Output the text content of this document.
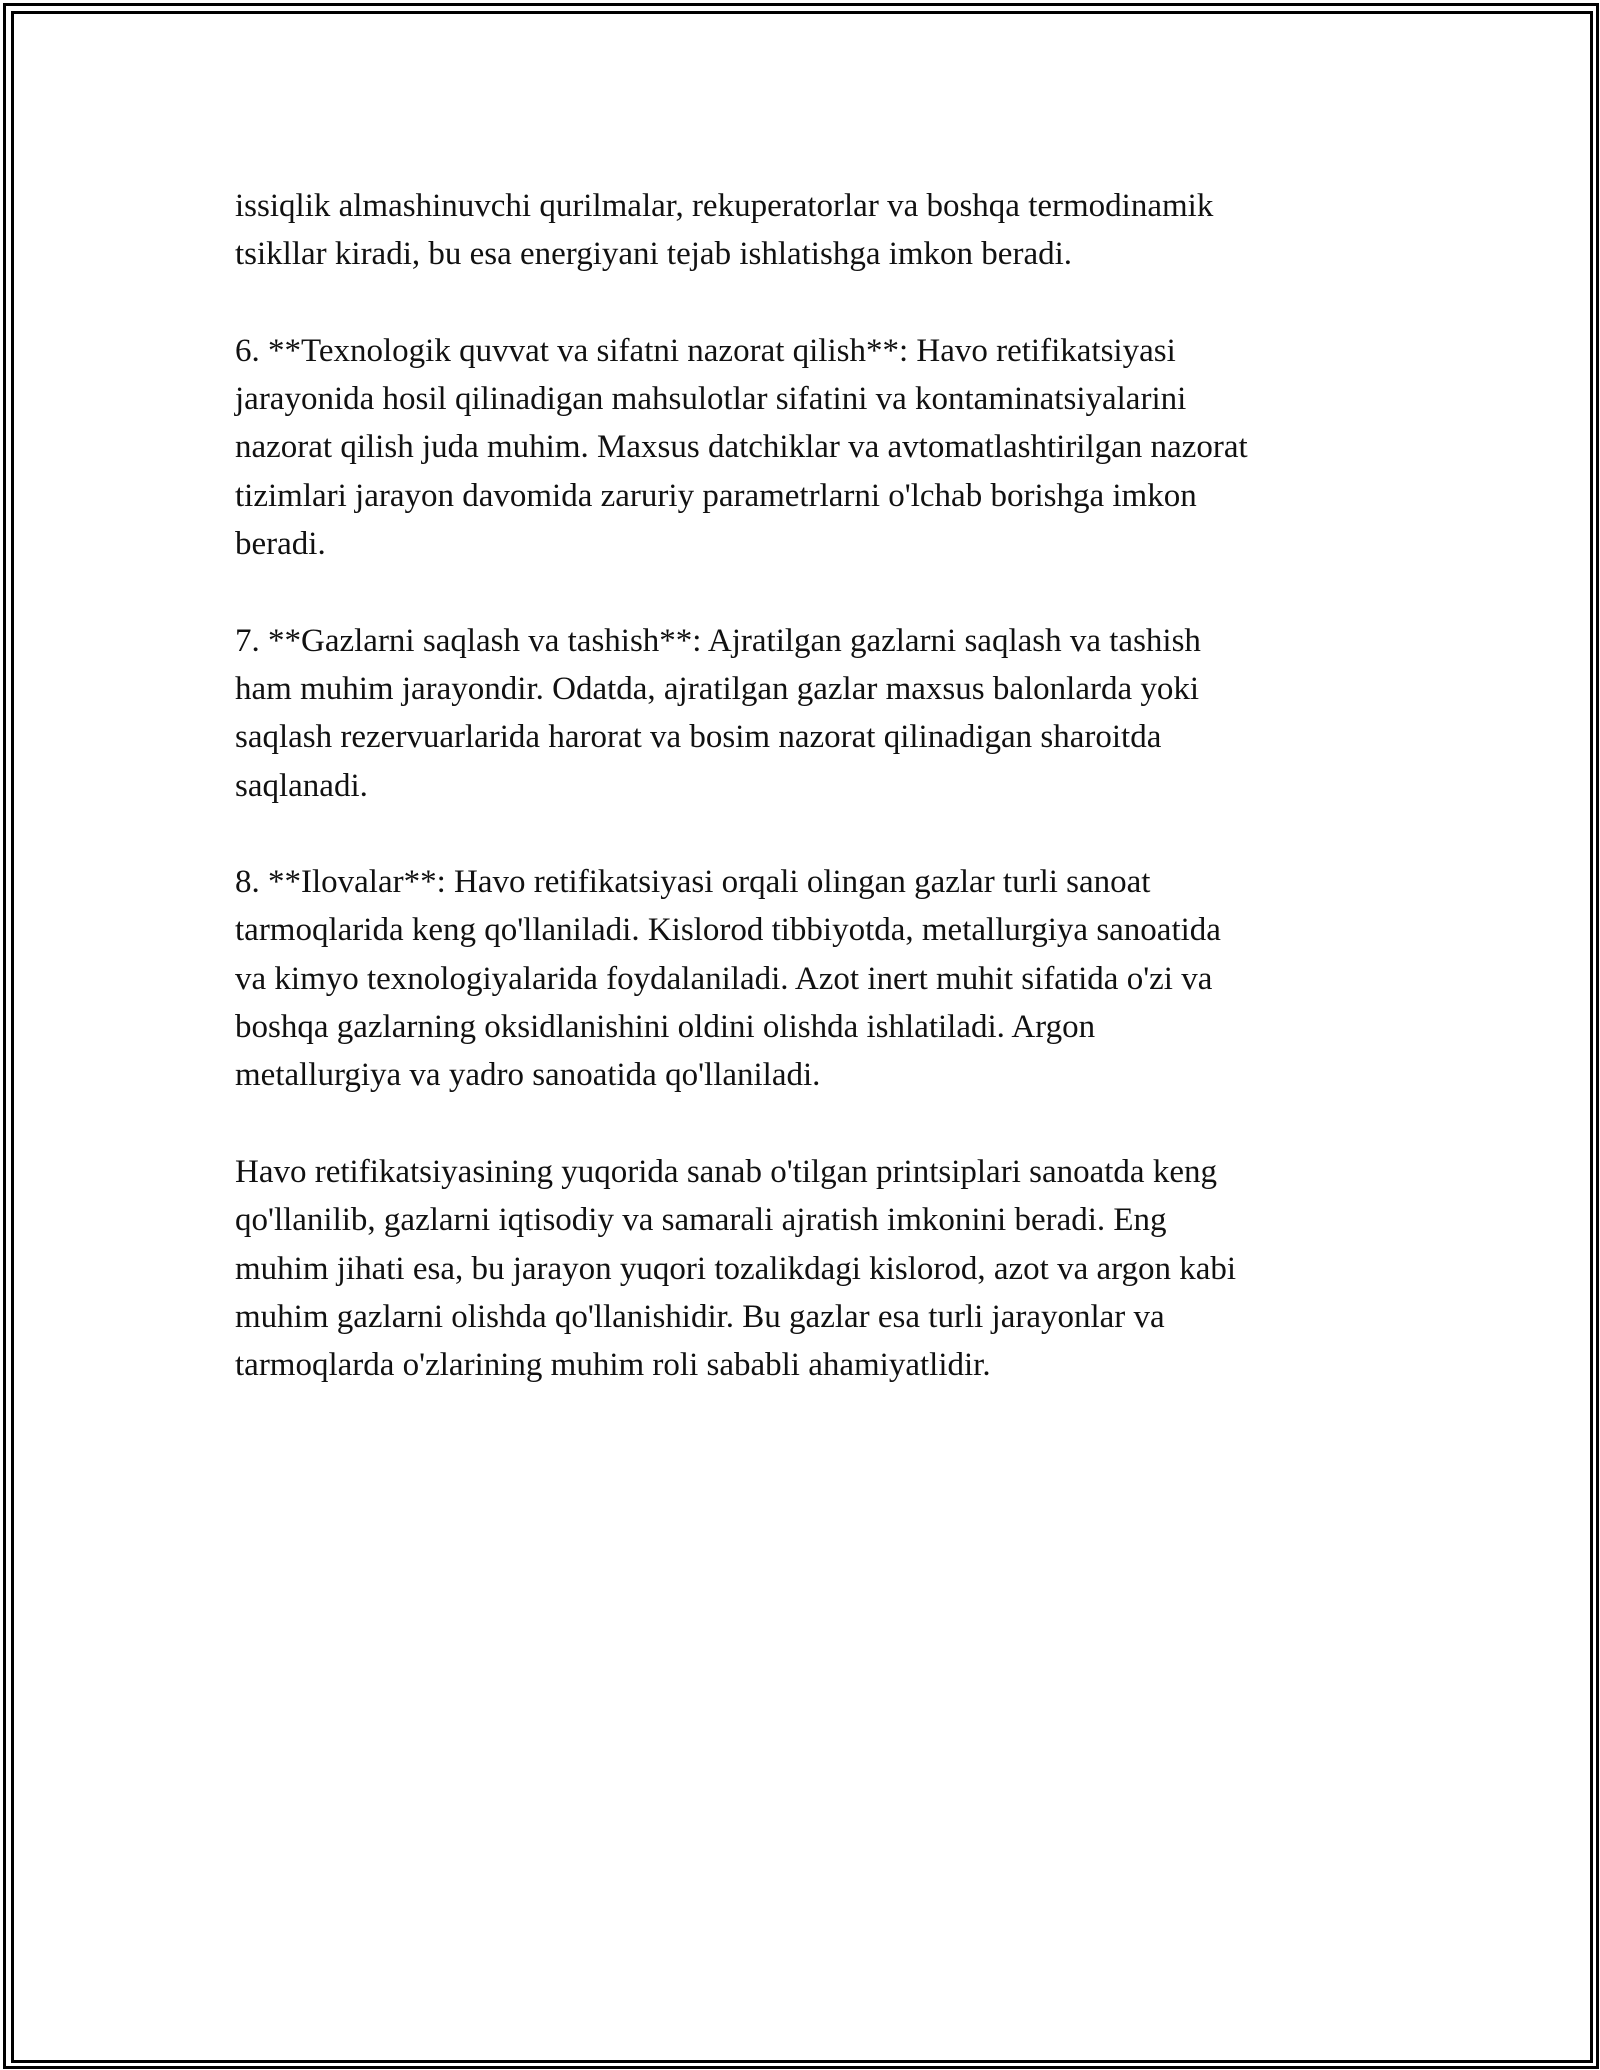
issiqlik almashinuvchi qurilmalar, rekuperatorlar va boshqa termodinamik
tsikllar kiradi, bu esa energiyani tejab ishlatishga imkon beradi.

6. **Texnologik quvvat va sifatni nazorat qilish**: Havo retifikatsiyasi
jarayonida hosil qilinadigan mahsulotlar sifatini va kontaminatsiyalarini
nazorat qilish juda muhim. Maxsus datchiklar va avtomatlashtirilgan nazorat
tizimlari jarayon davomida zaruriy parametrlarni o'lchab borishga imkon
beradi.

7. **Gazlarni saqlash va tashish**: Ajratilgan gazlarni saqlash va tashish
ham muhim jarayondir. Odatda, ajratilgan gazlar maxsus balonlarda yoki
saqlash rezervuarlarida harorat va bosim nazorat qilinadigan sharoitda
saqlanadi.

8. **Ilovalar**: Havo retifikatsiyasi orqali olingan gazlar turli sanoat
tarmoqlarida keng qo'llaniladi. Kislorod tibbiyotda, metallurgiya sanoatida
va kimyo texnologiyalarida foydalaniladi. Azot inert muhit sifatida o'zi va
boshqa gazlarning oksidlanishini oldini olishda ishlatiladi. Argon
metallurgiya va yadro sanoatida qo'llaniladi.

Havo retifikatsiyasining yuqorida sanab o'tilgan printsiplari sanoatda keng
qo'llanilib, gazlarni iqtisodiy va samarali ajratish imkonini beradi. Eng
muhim jihati esa, bu jarayon yuqori tozalikdagi kislorod, azot va argon kabi
muhim gazlarni olishda qo'llanishidir. Bu gazlar esa turli jarayonlar va
tarmoqlarda o'zlarining muhim roli sababli ahamiyatlidir.
